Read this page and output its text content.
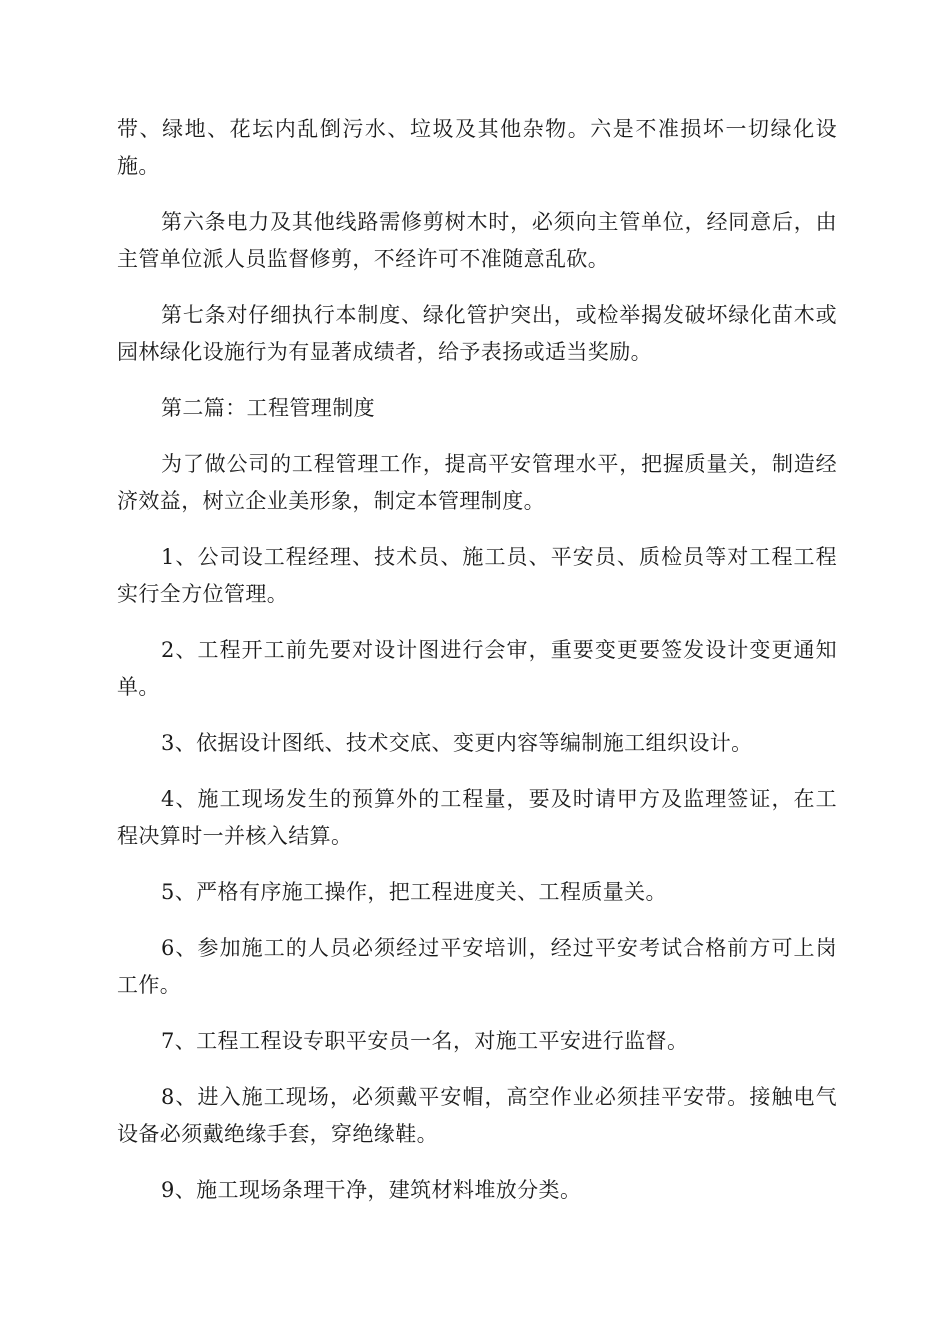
带、绿地、花坛内乱倒污水、垃圾及其他杂物。六是不准损坏一切绿化设施。

第六条电力及其他线路需修剪树木时，必须向主管单位，经同意后，由主管单位派人员监督修剪，不经许可不准随意乱砍。

第七条对仔细执行本制度、绿化管护突出，或检举揭发破坏绿化苗木或园林绿化设施行为有显著成绩者，给予表扬或适当奖励。

第二篇：工程管理制度

为了做公司的工程管理工作，提高平安管理水平，把握质量关，制造经济效益，树立企业美形象，制定本管理制度。

1、公司设工程经理、技术员、施工员、平安员、质检员等对工程工程实行全方位管理。

2、工程开工前先要对设计图进行会审，重要变更要签发设计变更通知单。

3、依据设计图纸、技术交底、变更内容等编制施工组织设计。

4、施工现场发生的预算外的工程量，要及时请甲方及监理签证，在工程决算时一并核入结算。

5、严格有序施工操作，把工程进度关、工程质量关。

6、参加施工的人员必须经过平安培训，经过平安考试合格前方可上岗工作。

7、工程工程设专职平安员一名，对施工平安进行监督。

8、进入施工现场，必须戴平安帽，高空作业必须挂平安带。接触电气设备必须戴绝缘手套，穿绝缘鞋。

9、施工现场条理干净，建筑材料堆放分类。
